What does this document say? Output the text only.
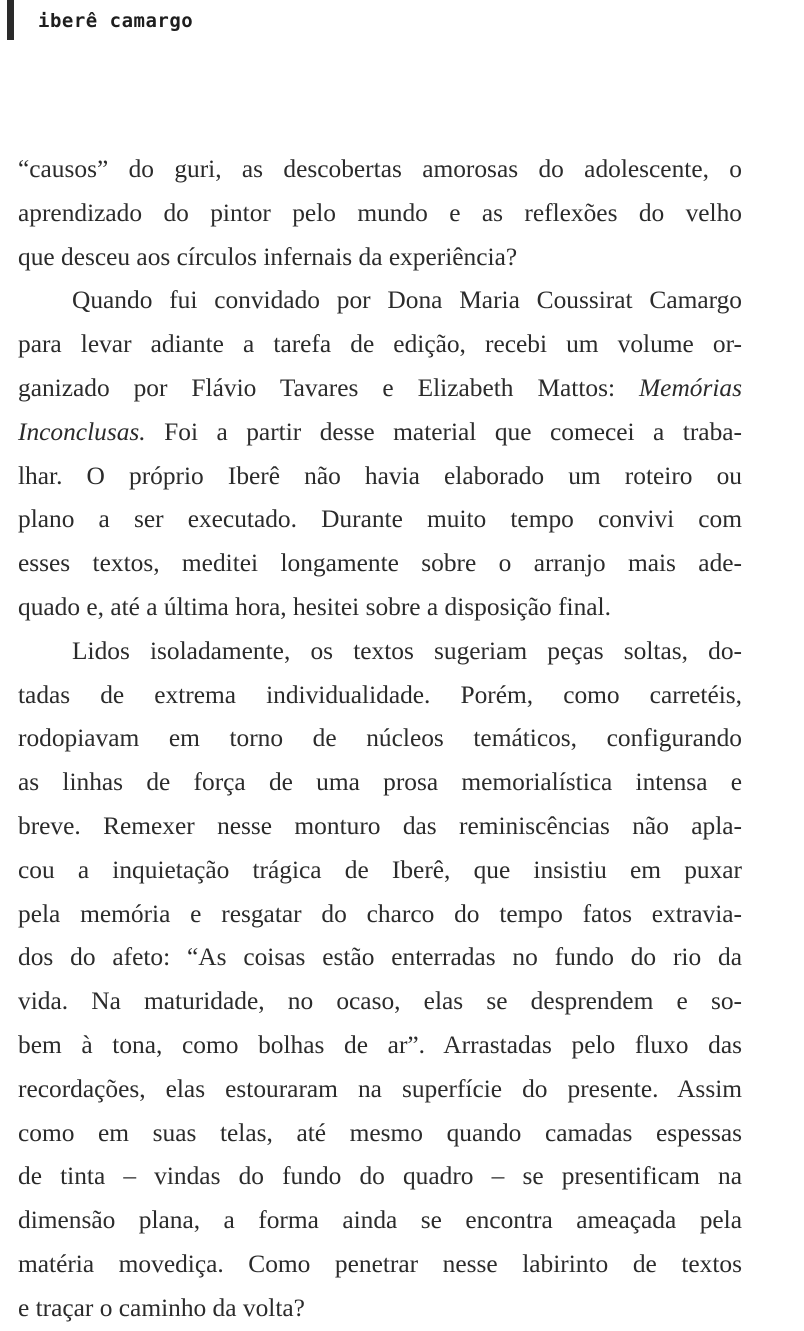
iberê camargo
“causos” do guri, as descobertas amorosas do adolescente, o
aprendizado do pintor pelo mundo e as reflexões do velho
que desceu aos círculos infernais da experiência?
Quando fui convidado por Dona Maria Coussirat Camargo
para levar adiante a tarefa de edição, recebi um volume or-
ganizado por Flávio Tavares e Elizabeth Mattos: Memórias
Inconclusas. Foi a partir desse material que comecei a traba-
lhar. O próprio Iberê não havia elaborado um roteiro ou
plano a ser executado. Durante muito tempo convivi com
esses textos, meditei longamente sobre o arranjo mais ade-
quado e, até a última hora, hesitei sobre a disposição final.
Lidos isoladamente, os textos sugeriam peças soltas, do-
tadas de extrema individualidade. Porém, como carretéis,
rodopiavam em torno de núcleos temáticos, configurando
as linhas de força de uma prosa memorialística intensa e
breve. Remexer nesse monturo das reminiscências não apla-
cou a inquietação trágica de Iberê, que insistiu em puxar
pela memória e resgatar do charco do tempo fatos extravia-
dos do afeto: “As coisas estão enterradas no fundo do rio da
vida. Na maturidade, no ocaso, elas se desprendem e so-
bem à tona, como bolhas de ar”. Arrastadas pelo fluxo das
recordações, elas estouraram na superfície do presente. Assim
como em suas telas, até mesmo quando camadas espessas
de tinta – vindas do fundo do quadro – se presentificam na
dimensão plana, a forma ainda se encontra ameaçada pela
matéria movediça. Como penetrar nesse labirinto de textos
e traçar o caminho da volta?
